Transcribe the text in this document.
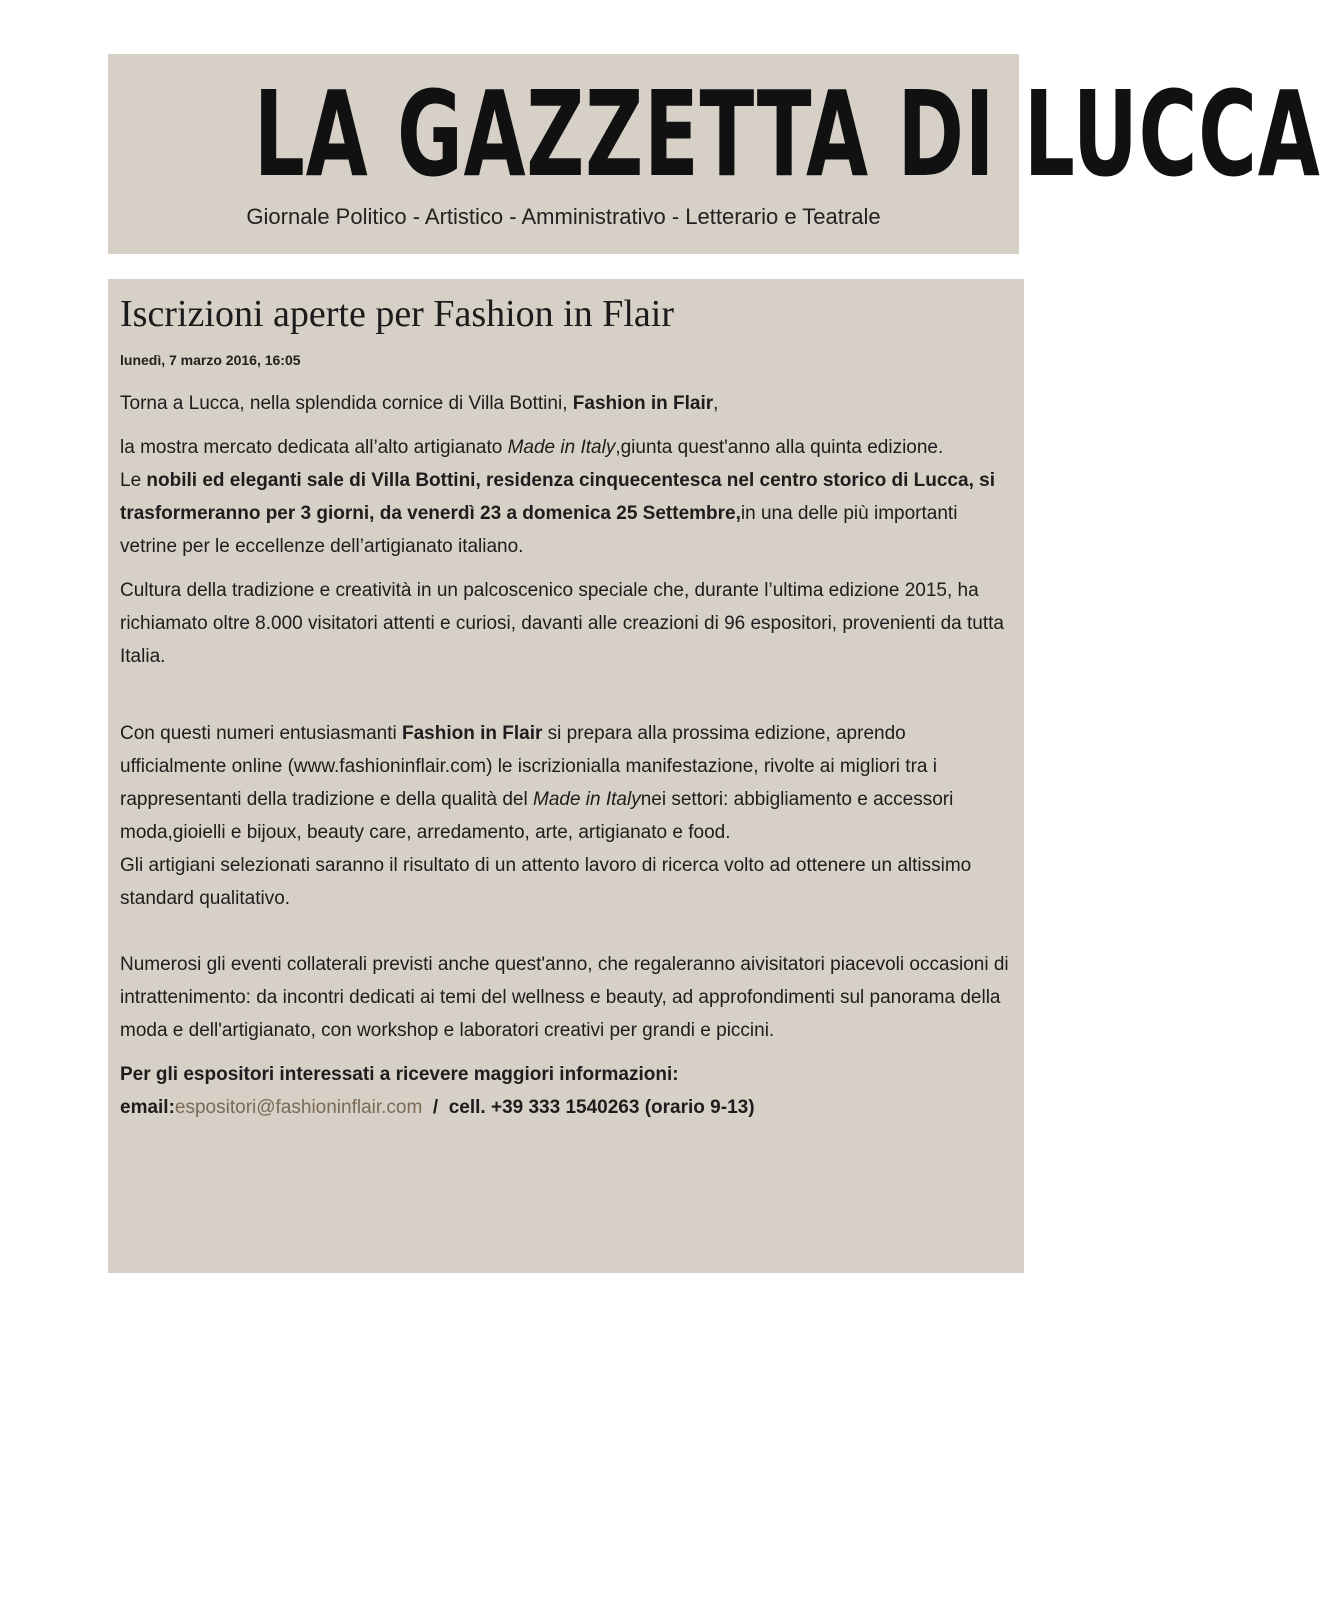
LA GAZZETTA DI LUCCA
Giornale Politico - Artistico - Amministrativo - Letterario e Teatrale
Iscrizioni aperte per Fashion in Flair
lunedì, 7 marzo 2016, 16:05

Torna a Lucca, nella splendida cornice di Villa Bottini, Fashion in Flair,

la mostra mercato dedicata all’alto artigianato Made in Italy,giunta quest'anno alla quinta edizione.
Le nobili ed eleganti sale di Villa Bottini, residenza cinquecentesca nel centro storico di Lucca, si trasformeranno per 3 giorni, da venerdì 23 a domenica 25 Settembre,in una delle più importanti vetrine per le eccellenze dell’artigianato italiano.

Cultura della tradizione e creatività in un palcoscenico speciale che, durante l’ultima edizione 2015, ha richiamato oltre 8.000 visitatori attenti e curiosi, davanti alle creazioni di 96 espositori, provenienti da tutta Italia.

Con questi numeri entusiasmanti Fashion in Flair si prepara alla prossima edizione, aprendo ufficialmente online (www.fashioninflair.com) le iscrizionialla manifestazione, rivolte ai migliori tra i rappresentanti della tradizione e della qualità del Made in Italynei settori: abbigliamento e accessori moda,gioielli e bijoux, beauty care, arredamento, arte, artigianato e food.
Gli artigiani selezionati saranno il risultato di un attento lavoro di ricerca volto ad ottenere un altissimo standard qualitativo.

Numerosi gli eventi collaterali previsti anche quest'anno, che regaleranno aivisitatori piacevoli occasioni di intrattenimento: da incontri dedicati ai temi del wellness e beauty, ad approfondimenti sul panorama della moda e dell'artigianato, con workshop e laboratori creativi per grandi e piccini.

Per gli espositori interessati a ricevere maggiori informazioni:
email:espositori@fashioninflair.com  /  cell. +39 333 1540263 (orario 9-13)
